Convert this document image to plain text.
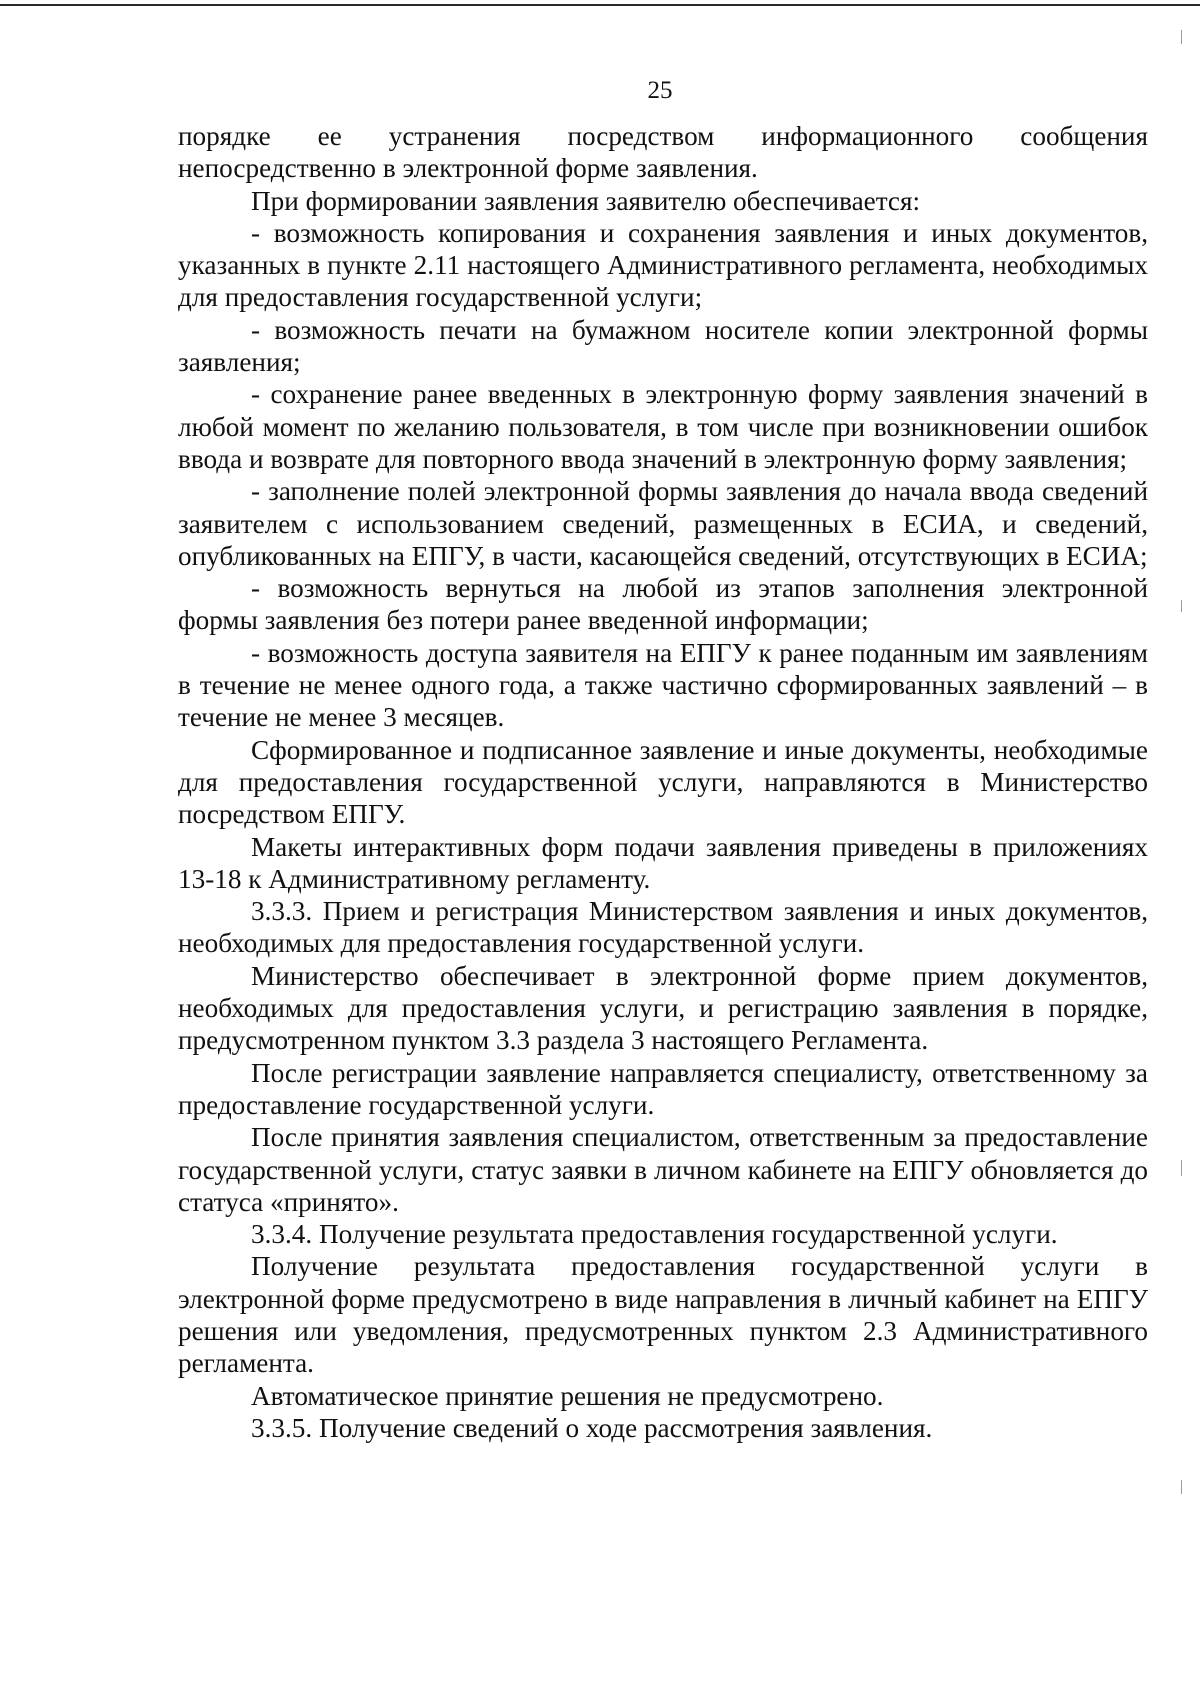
25

порядке ее устранения посредством информационного сообщения непосредственно в электронной форме заявления.

При формировании заявления заявителю обеспечивается:

- возможность копирования и сохранения заявления и иных документов, указанных в пункте 2.11 настоящего Административного регламента, необходимых для предоставления государственной услуги;

- возможность печати на бумажном носителе копии электронной формы заявления;

- сохранение ранее введенных в электронную форму заявления значений в любой момент по желанию пользователя, в том числе при возникновении ошибок ввода и возврате для повторного ввода значений в электронную форму заявления;

- заполнение полей электронной формы заявления до начала ввода сведений заявителем с использованием сведений, размещенных в ЕСИА, и сведений, опубликованных на ЕПГУ, в части, касающейся сведений, отсутствующих в ЕСИА;

- возможность вернуться на любой из этапов заполнения электронной формы заявления без потери ранее введенной информации;

- возможность доступа заявителя на ЕПГУ к ранее поданным им заявлениям в течение не менее одного года, а также частично сформированных заявлений – в течение не менее 3 месяцев.

Сформированное и подписанное заявление и иные документы, необходимые для предоставления государственной услуги, направляются в Министерство посредством ЕПГУ.

Макеты интерактивных форм подачи заявления приведены в приложениях 13-18 к Административному регламенту.

3.3.3. Прием и регистрация Министерством заявления и иных документов, необходимых для предоставления государственной услуги.

Министерство обеспечивает в электронной форме прием документов, необходимых для предоставления услуги, и регистрацию заявления в порядке, предусмотренном пунктом 3.3 раздела 3 настоящего Регламента.

После регистрации заявление направляется специалисту, ответственному за предоставление государственной услуги.

После принятия заявления специалистом, ответственным за предоставление государственной услуги, статус заявки в личном кабинете на ЕПГУ обновляется до статуса «принято».

3.3.4. Получение результата предоставления государственной услуги.

Получение результата предоставления государственной услуги в электронной форме предусмотрено в виде направления в личный кабинет на ЕПГУ решения или уведомления, предусмотренных пунктом 2.3 Административного регламента.

Автоматическое принятие решения не предусмотрено.

3.3.5. Получение сведений о ходе рассмотрения заявления.
